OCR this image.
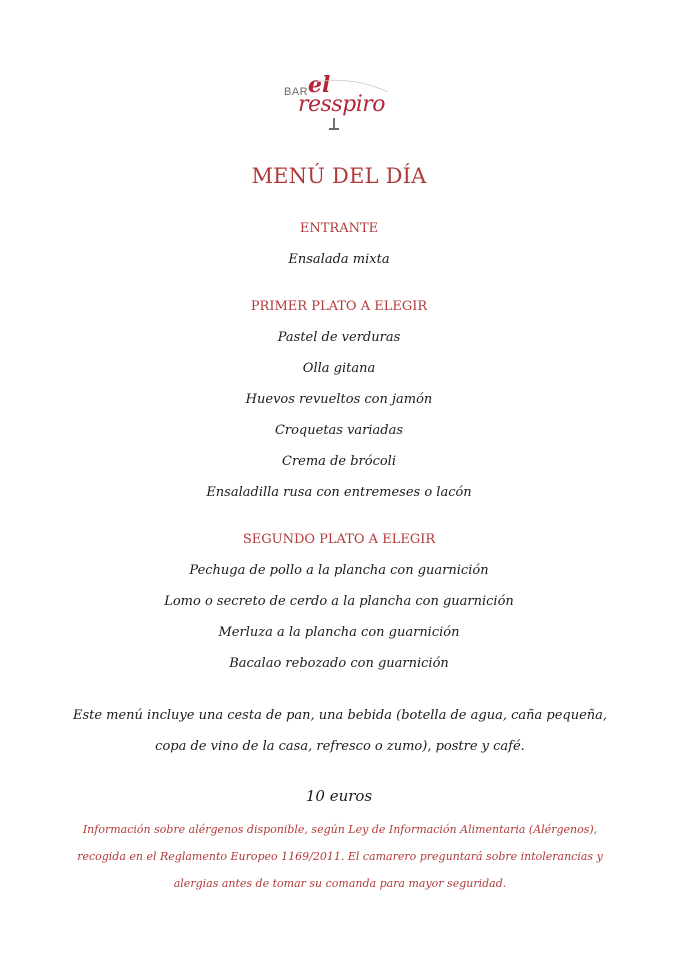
BAR el
resspiro
MENÚ DEL DÍA
ENTRANTE
Ensalada mixta
PRIMER PLATO A ELEGIR
Pastel de verduras
Olla gitana
Huevos revueltos con jamón
Croquetas variadas
Crema de brócoli
Ensaladilla rusa con entremeses o lacón
SEGUNDO PLATO A ELEGIR
Pechuga de pollo a la plancha con guarnición
Lomo o secreto de cerdo a la plancha con guarnición
Merluza a la plancha con guarnición
Bacalao rebozado con guarnición
Este menú incluye una cesta de pan, una bebida (botella de agua, caña pequeña, copa de vino de la casa, refresco o zumo), postre y café.
10 euros
Información sobre alérgenos disponible, según Ley de Información Alimentaria (Alérgenos), recogida en el Reglamento Europeo 1169/2011. El camarero preguntará sobre intolerancias y alergias antes de tomar su comanda para mayor seguridad.
